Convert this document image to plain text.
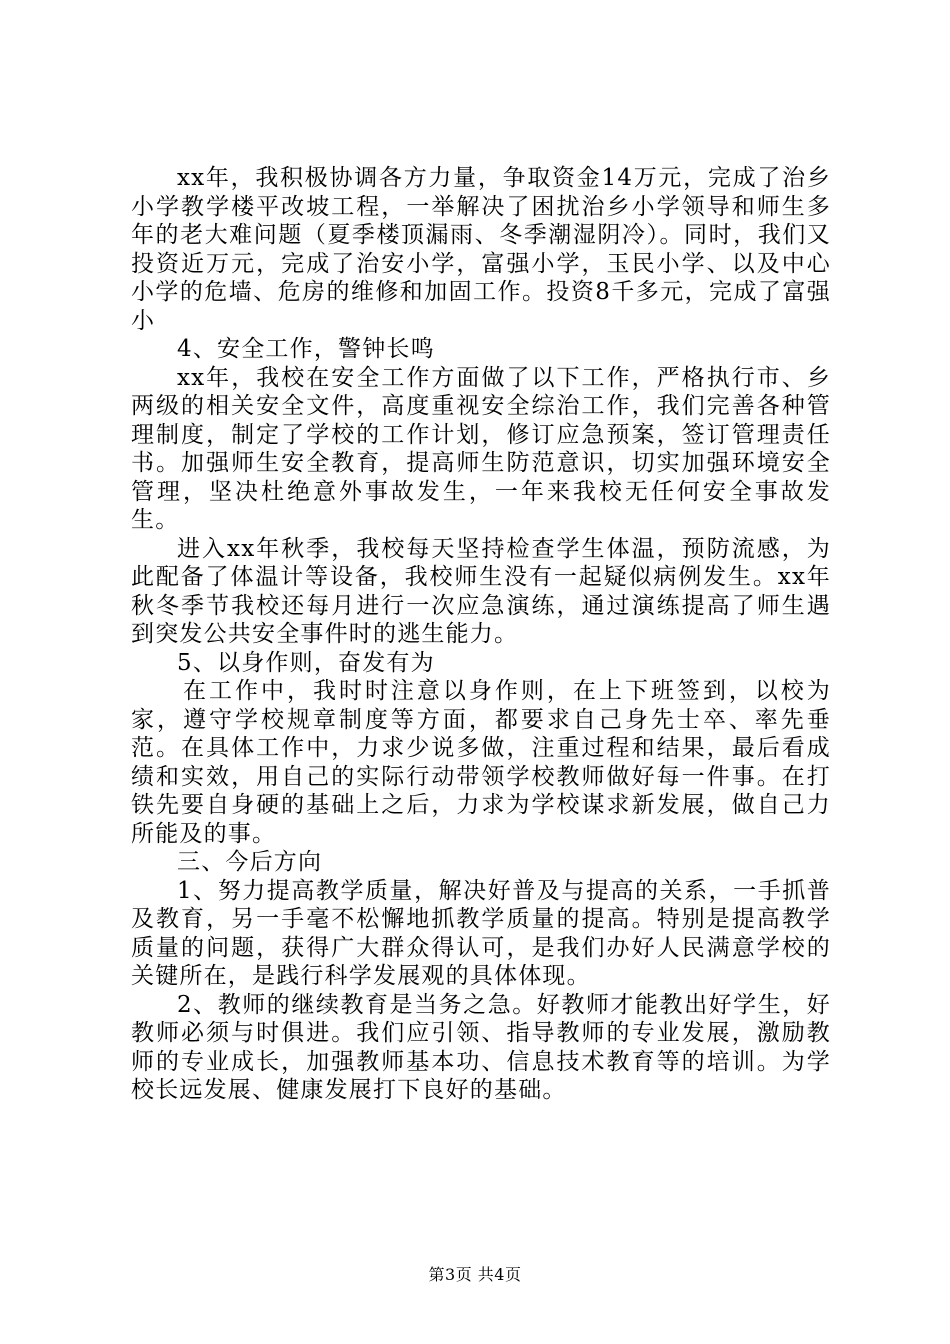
xx年，我积极协调各方力量，争取资金14万元，完成了治乡小学教学楼平改坡工程，一举解决了困扰治乡小学领导和师生多年的老大难问题（夏季楼顶漏雨、冬季潮湿阴冷）。同时，我们又投资近万元，完成了治安小学，富强小学，玉民小学、以及中心小学的危墙、危房的维修和加固工作。投资8千多元，完成了富强小

4、安全工作，警钟长鸣

xx年，我校在安全工作方面做了以下工作，严格执行市、乡两级的相关安全文件，高度重视安全综治工作，我们完善各种管理制度，制定了学校的工作计划，修订应急预案，签订管理责任书。加强师生安全教育，提高师生防范意识，切实加强环境安全管理，坚决杜绝意外事故发生，一年来我校无任何安全事故发生。

进入xx年秋季，我校每天坚持检查学生体温，预防流感，为此配备了体温计等设备，我校师生没有一起疑似病例发生。xx年秋冬季节我校还每月进行一次应急演练，通过演练提高了师生遇到突发公共安全事件时的逃生能力。

5、以身作则，奋发有为

在工作中，我时时注意以身作则，在上下班签到，以校为家，遵守学校规章制度等方面，都要求自己身先士卒、率先垂范。在具体工作中，力求少说多做，注重过程和结果，最后看成绩和实效，用自己的实际行动带领学校教师做好每一件事。在打铁先要自身硬的基础上之后，力求为学校谋求新发展，做自己力所能及的事。

三、今后方向

1、努力提高教学质量，解决好普及与提高的关系，一手抓普及教育，另一手毫不松懈地抓教学质量的提高。特别是提高教学质量的问题，获得广大群众得认可，是我们办好人民满意学校的关键所在，是践行科学发展观的具体体现。

2、教师的继续教育是当务之急。好教师才能教出好学生，好教师必须与时俱进。我们应引领、指导教师的专业发展，激励教师的专业成长，加强教师基本功、信息技术教育等的培训。为学校长远发展、健康发展打下良好的基础。

第3页 共4页
